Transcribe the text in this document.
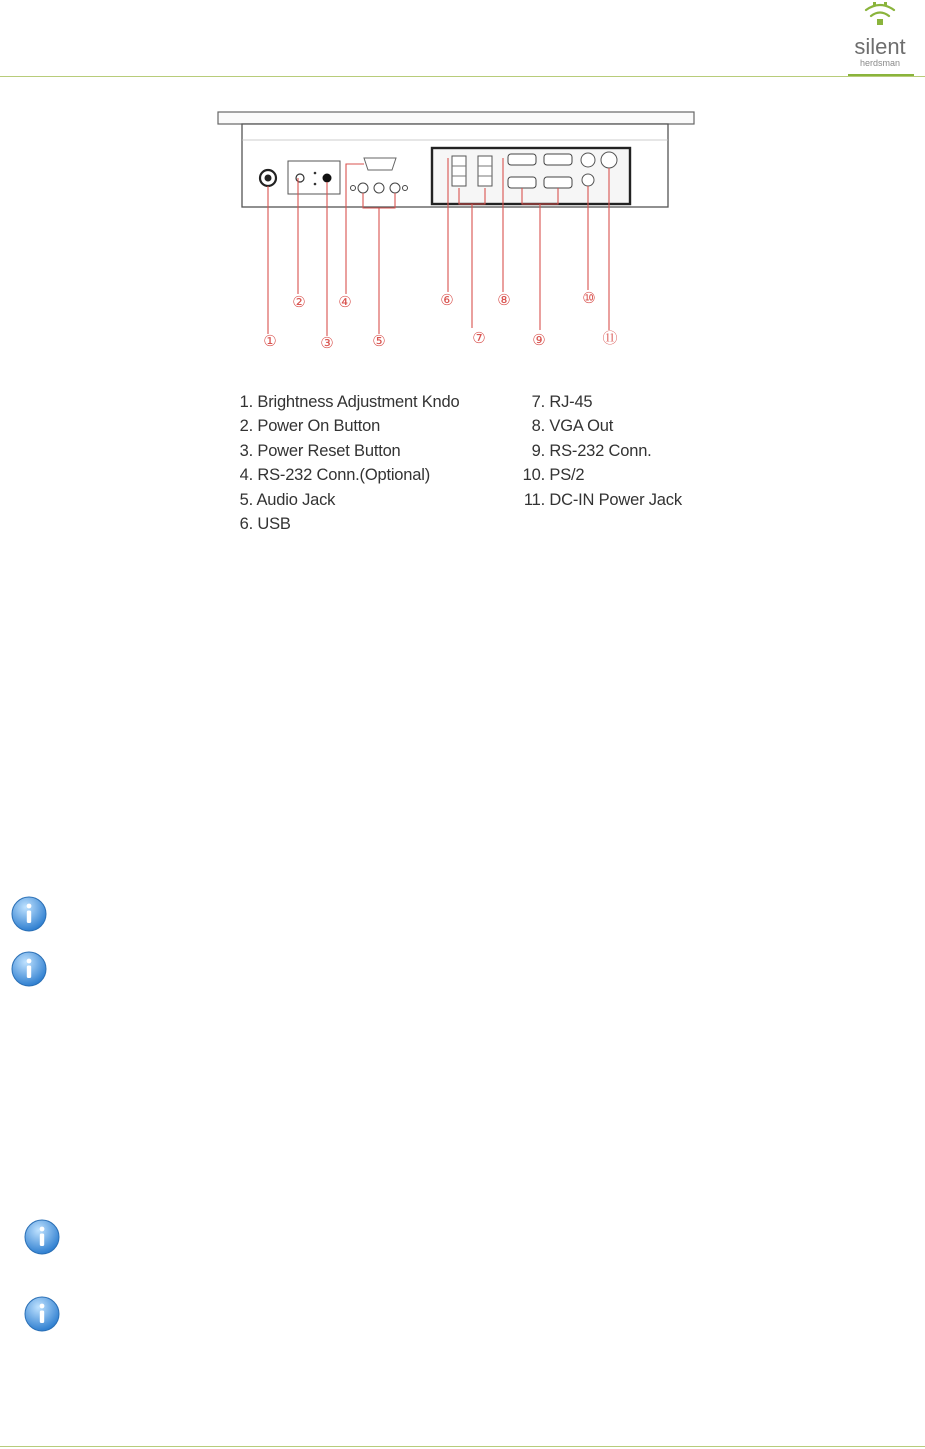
silent
herdsman
①
②
③
④
⑤
⑥
⑦
⑧
⑨
⑩
⑪
1. Brightness Adjustment Kndo
2. Power On Button
3. Power Reset Button
4. RS-232 Conn.(Optional)
5. Audio Jack
6. USB
7. RJ-45
8. VGA Out
9. RS-232 Conn.
10. PS/2
11. DC-IN Power Jack
